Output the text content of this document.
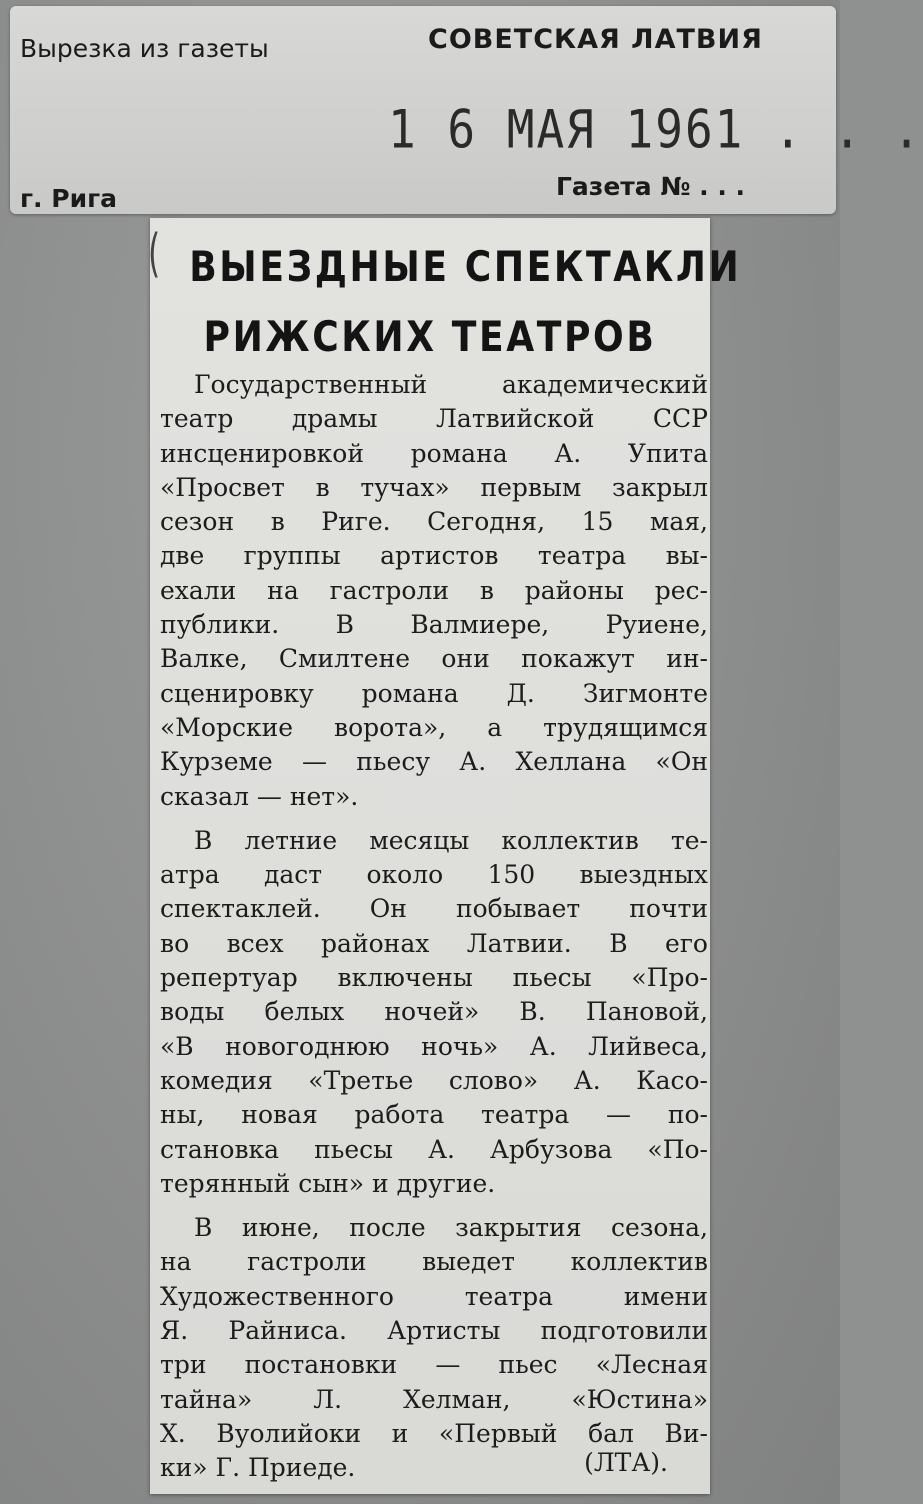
Вырезка из газеты	СОВЕТСКАЯ ЛАТВИЯ
1 6 МАЯ 1961 . . .
г. Рига	Газета № . . .
( ВЫЕЗДНЫЕ СПЕКТАКЛИ
РИЖСКИХ ТЕАТРОВ
Государственный академический
театр драмы Латвийской ССР
инсценировкой романа А. Упита
«Просвет в тучах» первым закрыл
сезон в Риге. Сегодня, 15 мая,
две группы артистов театра вы-
ехали на гастроли в районы рес-
публики. В Валмиере, Руиене,
Валке, Смилтене они покажут ин-
сценировку романа Д. Зигмонте
«Морские ворота», а трудящимся
Курземе — пьесу А. Хеллана «Он
сказал — нет».
В летние месяцы коллектив те-
атра даст около 150 выездных
спектаклей. Он побывает почти
во всех районах Латвии. В его
репертуар включены пьесы «Про-
воды белых ночей» В. Пановой,
«В новогоднюю ночь» А. Лийвеса,
комедия «Третье слово» А. Касо-
ны, новая работа театра — по-
становка пьесы А. Арбузова «По-
терянный сын» и другие.
В июне, после закрытия сезона,
на гастроли выедет коллектив
Художественного театра имени
Я. Райниса. Артисты подготовили
три постановки — пьес «Лесная
тайна» Л. Хелман, «Юстина»
Х. Вуолийоки и «Первый бал Ви-
ки» Г. Приеде.	(ЛТА).
